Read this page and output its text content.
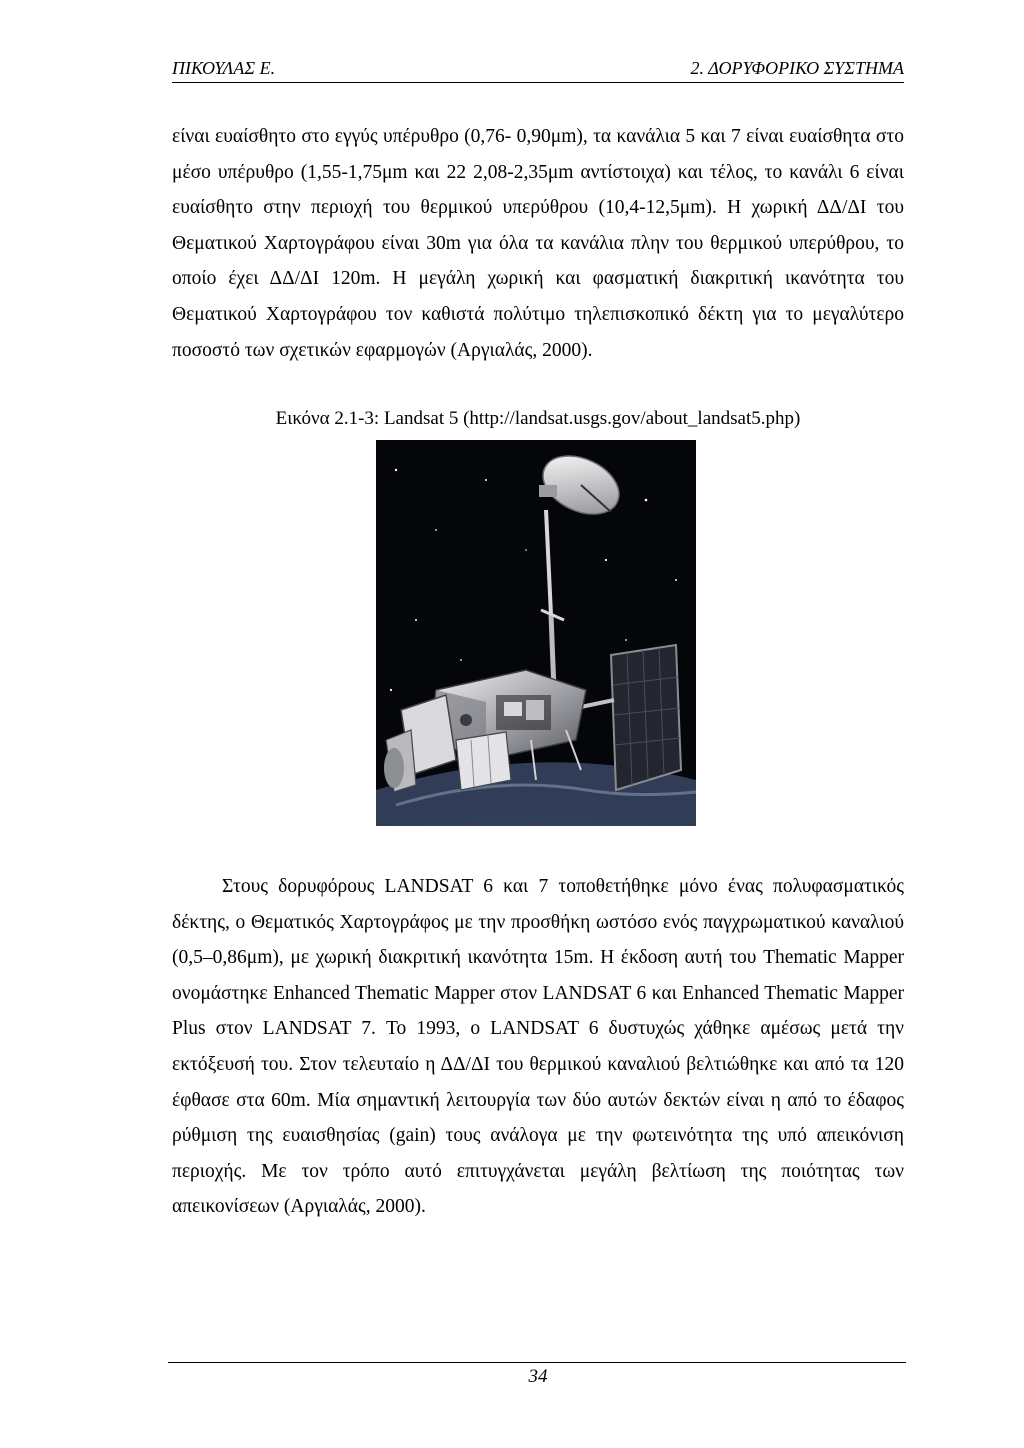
ΠΙΚΟΥΛΑΣ Ε.	2. ΔΟΡΥΦΟΡΙΚΟ ΣΥΣΤΗΜΑ

είναι ευαίσθητο στο εγγύς υπέρυθρο (0,76- 0,90μm), τα κανάλια 5 και 7 είναι ευαίσθητα στο μέσο υπέρυθρο (1,55-1,75μm και 22 2,08-2,35μm αντίστοιχα) και τέλος, το κανάλι 6 είναι ευαίσθητο στην περιοχή του θερμικού υπερύθρου (10,4-12,5μm). Η χωρική ΔΔ/ΔΙ του Θεματικού Χαρτογράφου είναι 30m για όλα τα κανάλια πλην του θερμικού υπερύθρου, το οποίο έχει ΔΔ/ΔΙ 120m. Η μεγάλη χωρική και φασματική διακριτική ικανότητα του Θεματικού Χαρτογράφου τον καθιστά πολύτιμο τηλεπισκοπικό δέκτη για το μεγαλύτερο ποσοστό των σχετικών εφαρμογών (Αργιαλάς, 2000).

Εικόνα 2.1-3: Landsat 5 (http://landsat.usgs.gov/about_landsat5.php)

Στους δορυφόρους LANDSAT 6 και 7 τοποθετήθηκε μόνο ένας πολυφασματικός δέκτης, ο Θεματικός Χαρτογράφος με την προσθήκη ωστόσο ενός παγχρωματικού καναλιού (0,5–0,86μm), με χωρική διακριτική ικανότητα 15m. Η έκδοση αυτή του Thematic Mapper ονομάστηκε Enhanced Thematic Mapper στον LANDSAT 6 και Enhanced Thematic Mapper Plus στον LANDSAT 7. Το 1993, ο LANDSAT 6 δυστυχώς χάθηκε αμέσως μετά την εκτόξευσή του. Στον τελευταίο η ΔΔ/ΔΙ του θερμικού καναλιού βελτιώθηκε και από τα 120 έφθασε στα 60m. Μία σημαντική λειτουργία των δύο αυτών δεκτών είναι η από το έδαφος ρύθμιση της ευαισθησίας (gain) τους ανάλογα με την φωτεινότητα της υπό απεικόνιση περιοχής. Με τον τρόπο αυτό επιτυγχάνεται μεγάλη βελτίωση της ποιότητας των απεικονίσεων (Αργιαλάς, 2000).

34
